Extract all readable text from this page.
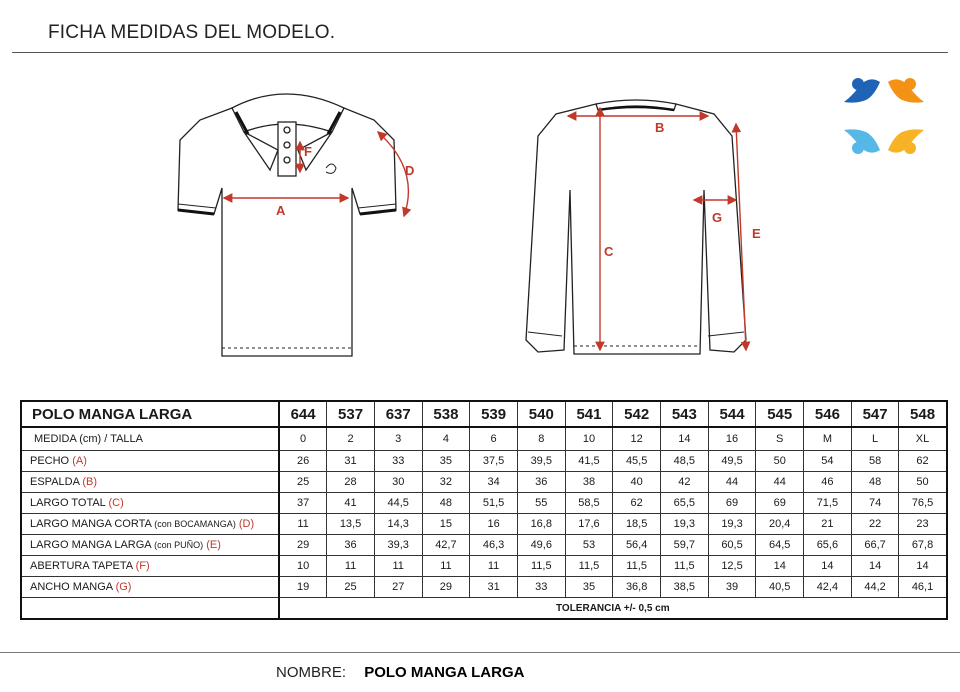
FICHA MEDIDAS DEL MODELO.
A
D
F
B
C
E
G
POLO MANGA LARGA	644	537	637	538	539	540	541	542	543	544	545	546	547	548
MEDIDA (cm) / TALLA	0	2	3	4	6	8	10	12	14	16	S	M	L	XL
PECHO (A)	26	31	33	35	37,5	39,5	41,5	45,5	48,5	49,5	50	54	58	62
ESPALDA (B)	25	28	30	32	34	36	38	40	42	44	44	46	48	50
LARGO TOTAL (C)	37	41	44,5	48	51,5	55	58,5	62	65,5	69	69	71,5	74	76,5
LARGO MANGA CORTA (con BOCAMANGA) (D)	11	13,5	14,3	15	16	16,8	17,6	18,5	19,3	19,3	20,4	21	22	23
LARGO MANGA LARGA (con PUÑO) (E)	29	36	39,3	42,7	46,3	49,6	53	56,4	59,7	60,5	64,5	65,6	66,7	67,8
ABERTURA TAPETA (F)	10	11	11	11	11	11,5	11,5	11,5	11,5	12,5	14	14	14	14
ANCHO MANGA (G)	19	25	27	29	31	33	35	36,8	38,5	39	40,5	42,4	44,2	46,1
	TOLERANCIA +/- 0,5 cm													
NOMBRE: POLO MANGA LARGA
